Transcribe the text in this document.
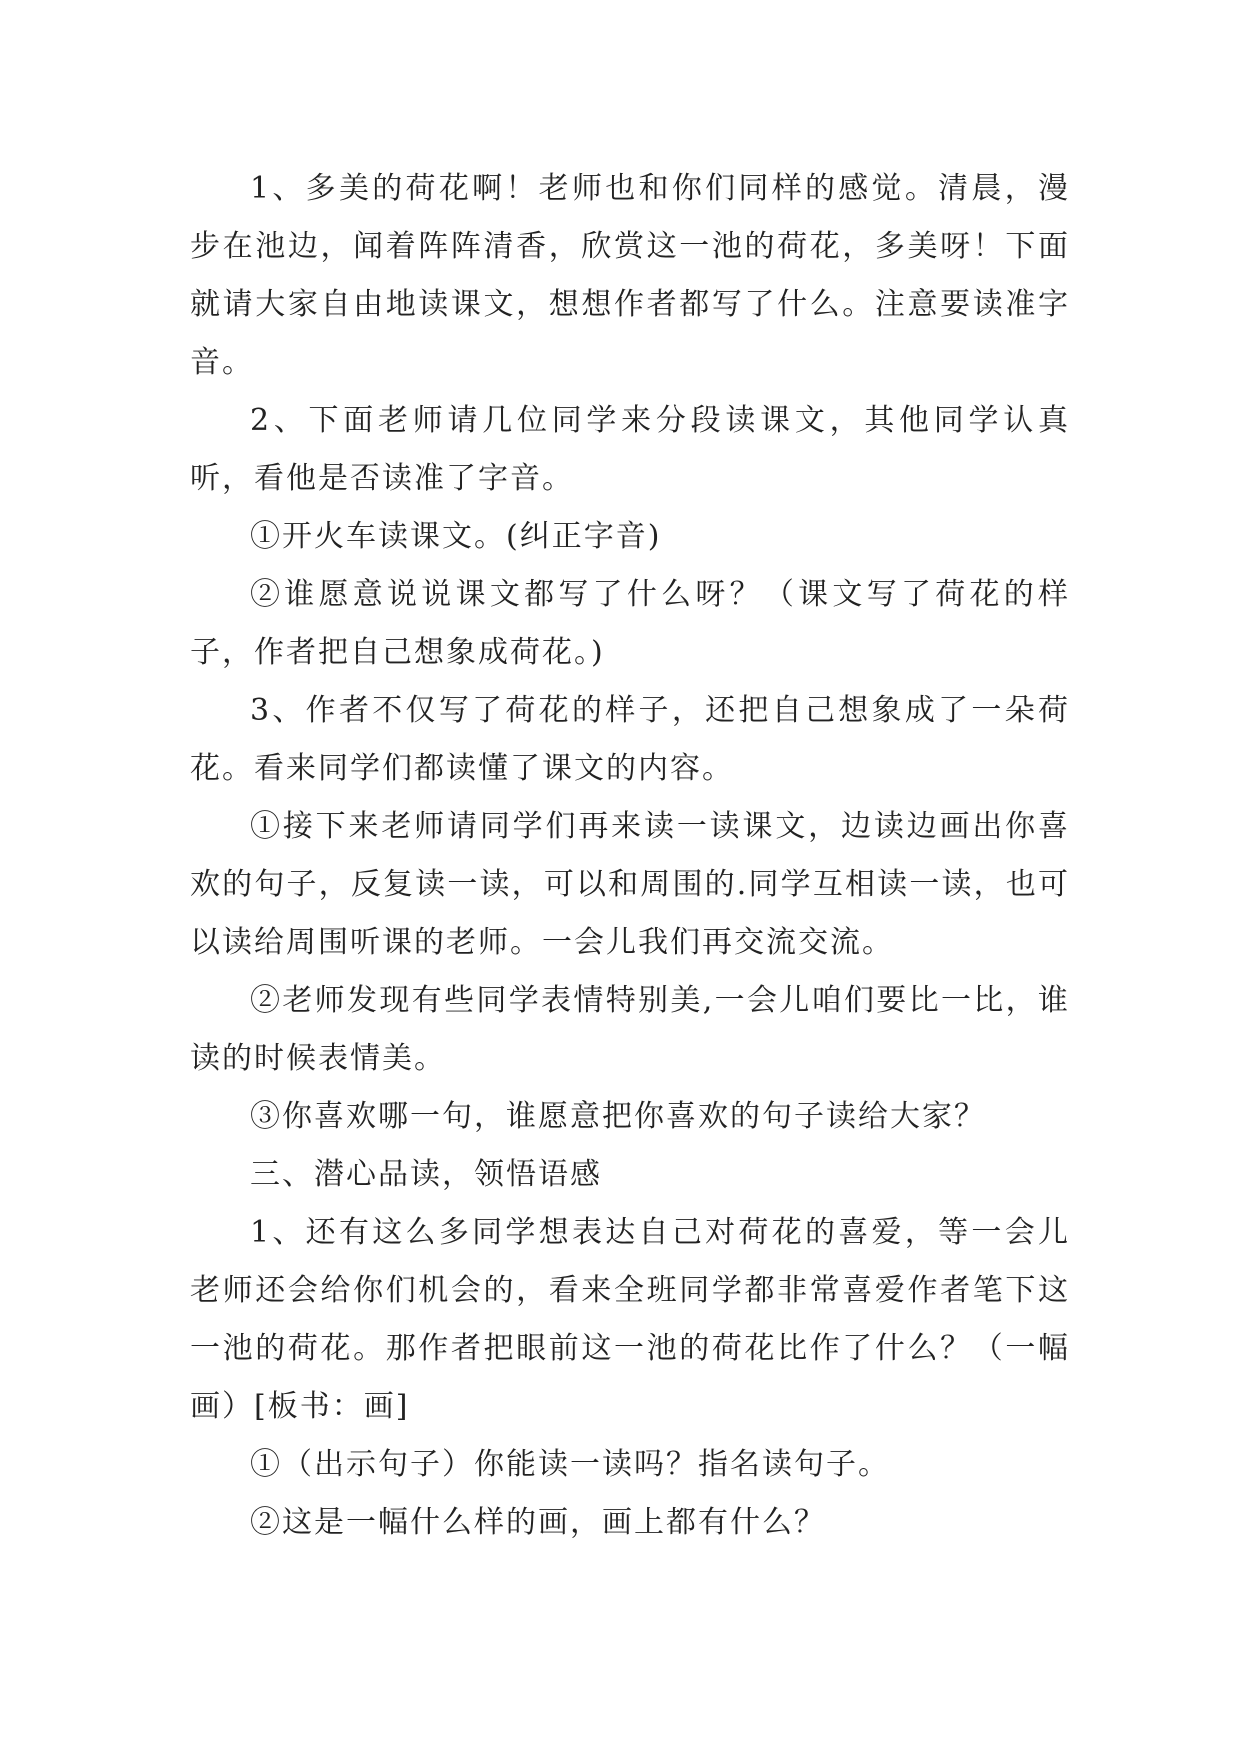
1、多美的荷花啊！老师也和你们同样的感觉。清晨，漫步在池边，闻着阵阵清香，欣赏这一池的荷花，多美呀！下面就请大家自由地读课文，想想作者都写了什么。注意要读准字音。

2、下面老师请几位同学来分段读课文，其他同学认真听，看他是否读准了字音。

①开火车读课文。(纠正字音)

②谁愿意说说课文都写了什么呀？（课文写了荷花的样子，作者把自己想象成荷花。)

3、作者不仅写了荷花的样子，还把自己想象成了一朵荷花。看来同学们都读懂了课文的内容。

①接下来老师请同学们再来读一读课文，边读边画出你喜欢的句子，反复读一读，可以和周围的.同学互相读一读，也可以读给周围听课的老师。一会儿我们再交流交流。

②老师发现有些同学表情特别美,一会儿咱们要比一比，谁读的时候表情美。

③你喜欢哪一句，谁愿意把你喜欢的句子读给大家？

三、潜心品读，领悟语感

1、还有这么多同学想表达自己对荷花的喜爱，等一会儿老师还会给你们机会的，看来全班同学都非常喜爱作者笔下这一池的荷花。那作者把眼前这一池的荷花比作了什么？（一幅画）[板书：画]

①（出示句子）你能读一读吗？指名读句子。

②这是一幅什么样的画，画上都有什么？
